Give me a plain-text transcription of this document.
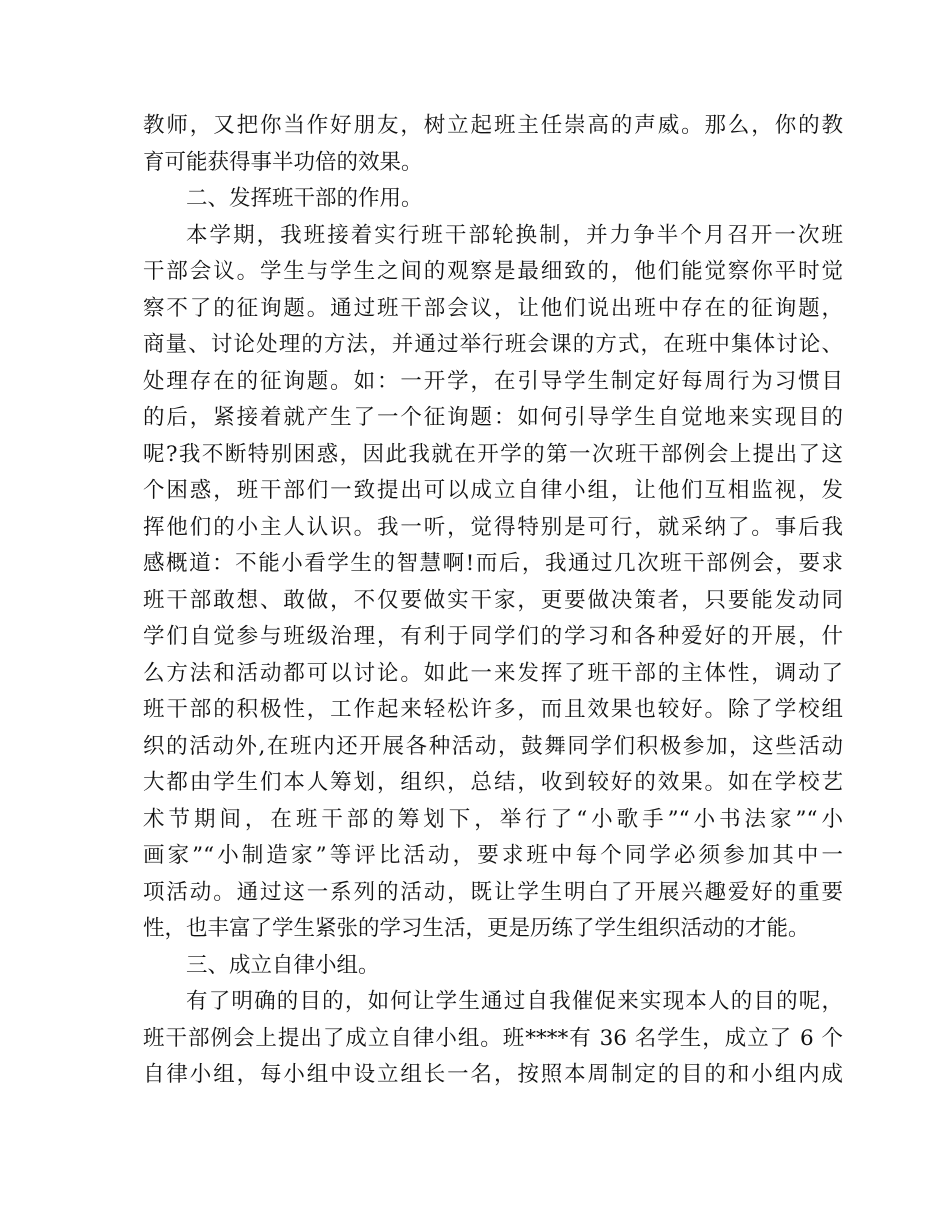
教师，又把你当作好朋友，树立起班主任崇高的声威。那么，你的教
育可能获得事半功倍的效果。
二、发挥班干部的作用。
本学期，我班接着实行班干部轮换制，并力争半个月召开一次班
干部会议。学生与学生之间的观察是最细致的，他们能觉察你平时觉
察不了的征询题。通过班干部会议，让他们说出班中存在的征询题，
商量、讨论处理的方法，并通过举行班会课的方式，在班中集体讨论、
处理存在的征询题。如：一开学，在引导学生制定好每周行为习惯目
的后，紧接着就产生了一个征询题：如何引导学生自觉地来实现目的
呢?我不断特别困惑，因此我就在开学的第一次班干部例会上提出了这
个困惑，班干部们一致提出可以成立自律小组，让他们互相监视，发
挥他们的小主人认识。我一听，觉得特别是可行，就采纳了。事后我
感概道：不能小看学生的智慧啊!而后，我通过几次班干部例会，要求
班干部敢想、敢做，不仅要做实干家，更要做决策者，只要能发动同
学们自觉参与班级治理，有利于同学们的学习和各种爱好的开展，什
么方法和活动都可以讨论。如此一来发挥了班干部的主体性，调动了
班干部的积极性，工作起来轻松许多，而且效果也较好。除了学校组
织的活动外,在班内还开展各种活动，鼓舞同学们积极参加，这些活动
大都由学生们本人筹划，组织，总结，收到较好的效果。如在学校艺
术节期间，在班干部的筹划下，举行了“小歌手”“小书法家”“小
画家”“小制造家”等评比活动，要求班中每个同学必须参加其中一
项活动。通过这一系列的活动，既让学生明白了开展兴趣爱好的重要
性，也丰富了学生紧张的学习生活，更是历练了学生组织活动的才能。
三、成立自律小组。
有了明确的目的，如何让学生通过自我催促来实现本人的目的呢，
班干部例会上提出了成立自律小组。班****有 36 名学生，成立了 6 个
自律小组，每小组中设立组长一名，按照本周制定的目的和小组内成
